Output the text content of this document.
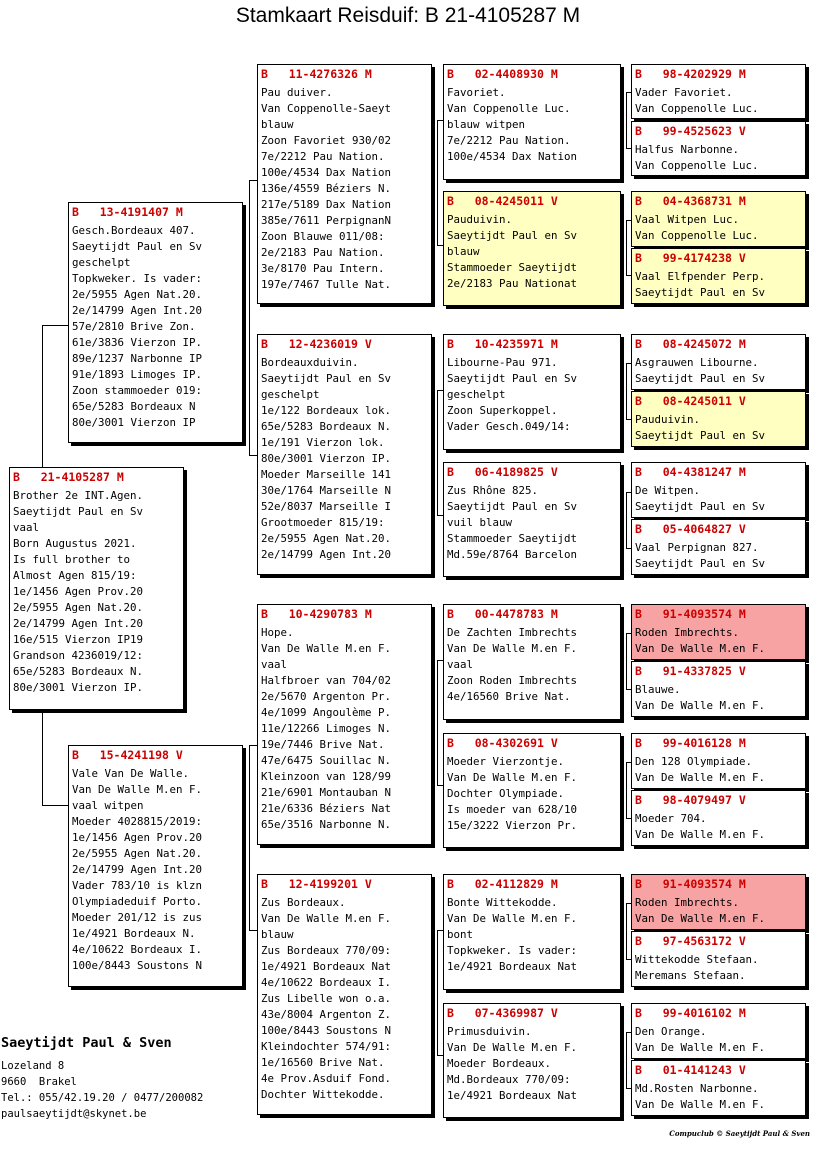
Stamkaart Reisduif: B 21-4105287 M
B   21-4105287 M
Brother 2e INT.Agen.
Saeytijdt Paul en Sv
vaal
Born Augustus 2021.
Is full brother to
Almost Agen 815/19:
1e/1456 Agen Prov.20
2e/5955 Agen Nat.20.
2e/14799 Agen Int.20
16e/515 Vierzon IP19
Grandson 4236019/12:
65e/5283 Bordeaux N.
80e/3001 Vierzon IP.
B   13-4191407 M
Gesch.Bordeaux 407.
Saeytijdt Paul en Sv
geschelpt
Topkweker. Is vader:
2e/5955 Agen Nat.20.
2e/14799 Agen Int.20
57e/2810 Brive Zon.
61e/3836 Vierzon IP.
89e/1237 Narbonne IP
91e/1893 Limoges IP.
Zoon stammoeder 019:
65e/5283 Bordeaux N
80e/3001 Vierzon IP
B   15-4241198 V
Vale Van De Walle.
Van De Walle M.en F.
vaal witpen
Moeder 4028815/2019:
1e/1456 Agen Prov.20
2e/5955 Agen Nat.20.
2e/14799 Agen Int.20
Vader 783/10 is klzn
Olympiadeduif Porto.
Moeder 201/12 is zus
1e/4921 Bordeaux N.
4e/10622 Bordeaux I.
100e/8443 Soustons N
B   11-4276326 M
Pau duiver.
Van Coppenolle-Saeyt
blauw
Zoon Favoriet 930/02
7e/2212 Pau Nation.
100e/4534 Dax Nation
136e/4559 Béziers N.
217e/5189 Dax Nation
385e/7611 PerpignanN
Zoon Blauwe 011/08:
2e/2183 Pau Nation.
3e/8170 Pau Intern.
197e/7467 Tulle Nat.
B   12-4236019 V
Bordeauxduivin.
Saeytijdt Paul en Sv
geschelpt
1e/122 Bordeaux lok.
65e/5283 Bordeaux N.
1e/191 Vierzon lok.
80e/3001 Vierzon IP.
Moeder Marseille 141
30e/1764 Marseille N
52e/8037 Marseille I
Grootmoeder 815/19:
2e/5955 Agen Nat.20.
2e/14799 Agen Int.20
B   10-4290783 M
Hope.
Van De Walle M.en F.
vaal
Halfbroer van 704/02
2e/5670 Argenton Pr.
4e/1099 Angoulème P.
11e/12266 Limoges N.
19e/7446 Brive Nat.
47e/6475 Souillac N.
Kleinzoon van 128/99
21e/6901 Montauban N
21e/6336 Béziers Nat
65e/3516 Narbonne N.
B   12-4199201 V
Zus Bordeaux.
Van De Walle M.en F.
blauw
Zus Bordeaux 770/09:
1e/4921 Bordeaux Nat
4e/10622 Bordeaux I.
Zus Libelle won o.a.
43e/8004 Argenton Z.
100e/8443 Soustons N
Kleindochter 574/91:
1e/16560 Brive Nat.
4e Prov.Asduif Fond.
Dochter Wittekodde.
B   02-4408930 M
Favoriet.
Van Coppenolle Luc.
blauw witpen
7e/2212 Pau Nation.
100e/4534 Dax Nation
B   08-4245011 V
Pauduivin.
Saeytijdt Paul en Sv
blauw
Stammoeder Saeytijdt
2e/2183 Pau Nationat
B   10-4235971 M
Libourne-Pau 971.
Saeytijdt Paul en Sv
geschelpt
Zoon Superkoppel.
Vader Gesch.049/14:
B   06-4189825 V
Zus Rhône 825.
Saeytijdt Paul en Sv
vuil blauw
Stammoeder Saeytijdt
Md.59e/8764 Barcelon
B   00-4478783 M
De Zachten Imbrechts
Van De Walle M.en F.
vaal
Zoon Roden Imbrechts
4e/16560 Brive Nat.
B   08-4302691 V
Moeder Vierzontje.
Van De Walle M.en F.
Dochter Olympiade.
Is moeder van 628/10
15e/3222 Vierzon Pr.
B   02-4112829 M
Bonte Wittekodde.
Van De Walle M.en F.
bont
Topkweker. Is vader:
1e/4921 Bordeaux Nat
B   07-4369987 V
Primusduivin.
Van De Walle M.en F.
Moeder Bordeaux.
Md.Bordeaux 770/09:
1e/4921 Bordeaux Nat
B   98-4202929 M
Vader Favoriet.
Van Coppenolle Luc.
B   99-4525623 V
Halfus Narbonne.
Van Coppenolle Luc.
B   04-4368731 M
Vaal Witpen Luc.
Van Coppenolle Luc.
B   99-4174238 V
Vaal Elfpender Perp.
Saeytijdt Paul en Sv
B   08-4245072 M
Asgrauwen Libourne.
Saeytijdt Paul en Sv
B   08-4245011 V
Pauduivin.
Saeytijdt Paul en Sv
B   04-4381247 M
De Witpen.
Saeytijdt Paul en Sv
B   05-4064827 V
Vaal Perpignan 827.
Saeytijdt Paul en Sv
B   91-4093574 M
Roden Imbrechts.
Van De Walle M.en F.
B   91-4337825 V
Blauwe.
Van De Walle M.en F.
B   99-4016128 M
Den 128 Olympiade.
Van De Walle M.en F.
B   98-4079497 V
Moeder 704.
Van De Walle M.en F.
B   91-4093574 M
Roden Imbrechts.
Van De Walle M.en F.
B   97-4563172 V
Wittekodde Stefaan.
Meremans Stefaan.
B   99-4016102 M
Den Orange.
Van De Walle M.en F.
B   01-4141243 V
Md.Rosten Narbonne.
Van De Walle M.en F.
Saeytijdt Paul & Sven
Lozeland 8
9660  Brakel
Tel.: 055/42.19.20 / 0477/200082
paulsaeytijdt@skynet.be
Compuclub © Saeytijdt Paul & Sven
